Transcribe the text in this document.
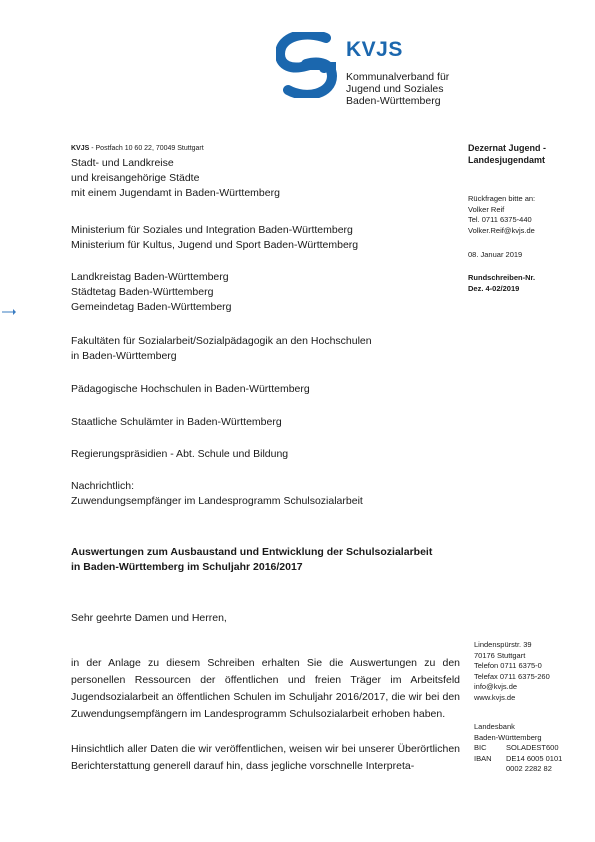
KVJS
Kommunalverband für
Jugend und Soziales
Baden-Württemberg
KVJS - Postfach 10 60 22, 70049 Stuttgart
Stadt- und Landkreise
und kreisangehörige Städte
mit einem Jugendamt in Baden-Württemberg
Ministerium für Soziales und Integration Baden-Württemberg
Ministerium für Kultus, Jugend und Sport Baden-Württemberg
Landkreistag Baden-Württemberg
Städtetag Baden-Württemberg
Gemeindetag Baden-Württemberg
Fakultäten für Sozialarbeit/Sozialpädagogik an den Hochschulen
in Baden-Württemberg
Pädagogische Hochschulen in Baden-Württemberg
Staatliche Schulämter in Baden-Württemberg
Regierungspräsidien - Abt. Schule und Bildung
Nachrichtlich:
Zuwendungsempfänger im Landesprogramm Schulsozialarbeit
Dezernat Jugend -
Landesjugendamt
Rückfragen bitte an:
Volker Reif
Tel. 0711 6375-440
Volker.Reif@kvjs.de
08. Januar 2019
Rundschreiben-Nr.
Dez. 4-02/2019
Auswertungen zum Ausbaustand und Entwicklung der Schulsozialarbeit
in Baden-Württemberg im Schuljahr 2016/2017
Sehr geehrte Damen und Herren,
in der Anlage zu diesem Schreiben erhalten Sie die Auswertungen zu den personellen Ressourcen der öffentlichen und freien Träger im Arbeitsfeld Jugendsozialarbeit an öffentlichen Schulen im Schuljahr 2016/2017, die wir bei den Zuwendungsempfängern im Landesprogramm Schulsozialarbeit erhoben haben.
Hinsichtlich aller Daten die wir veröffentlichen, weisen wir bei unserer Überörtlichen Berichterstattung generell darauf hin, dass jegliche vorschnelle Interpreta-
Lindenspürstr. 39
70176 Stuttgart
Telefon 0711 6375-0
Telefax 0711 6375-260
info@kvjs.de
www.kvjs.de
Landesbank
Baden-Württemberg
BIC	SOLADEST600
IBAN	DE14 6005 0101
0002 2282 82
